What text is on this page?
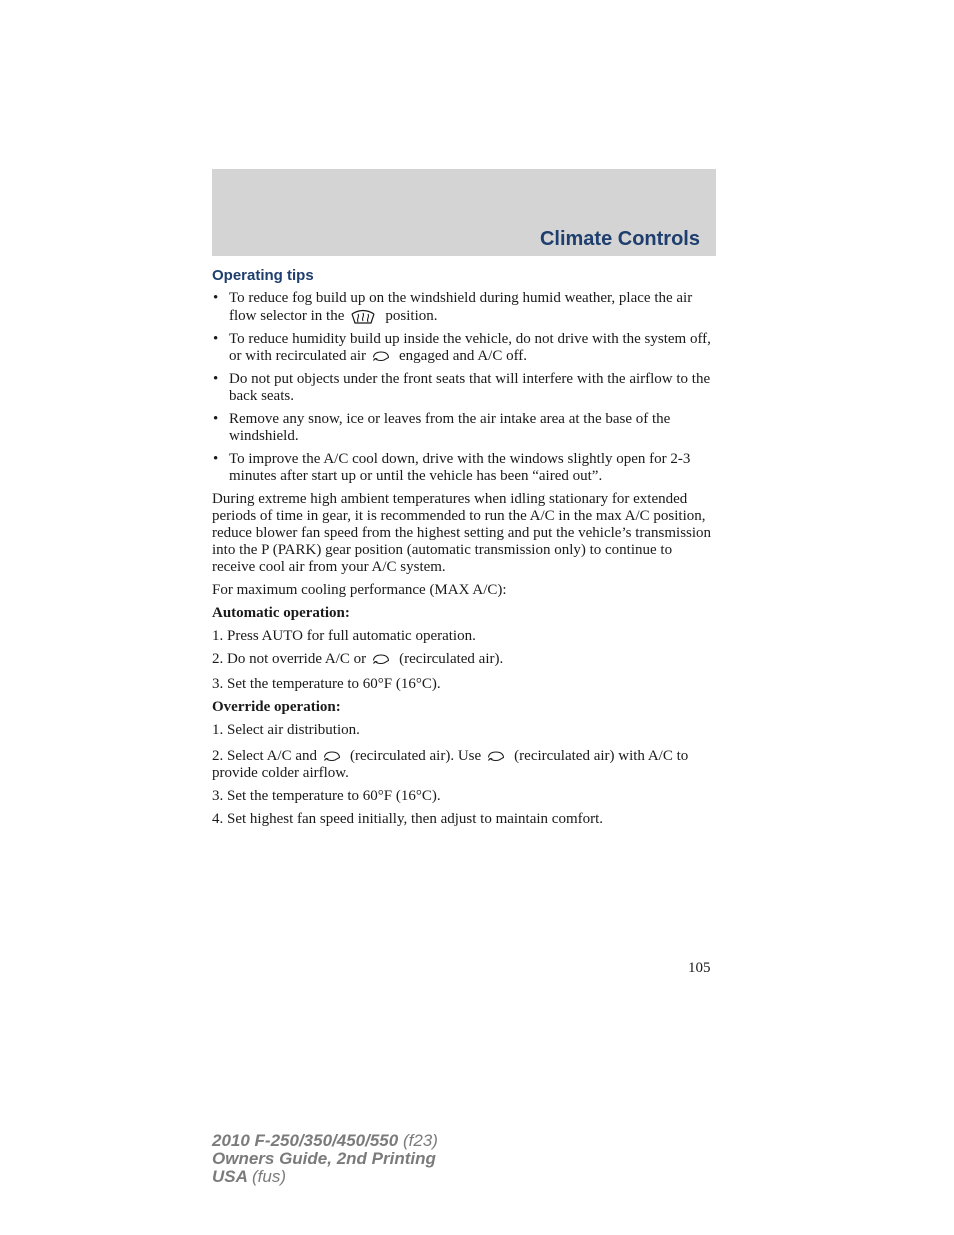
Climate Controls
Operating tips
• To reduce fog build up on the windshield during humid weather, place the air flow selector in the	position.
• To reduce humidity build up inside the vehicle, do not drive with the system off, or with recirculated air engaged and A/C off.
• Do not put objects under the front seats that will interfere with the airflow to the back seats.
• Remove any snow, ice or leaves from the air intake area at the base of the windshield.
• To improve the A/C cool down, drive with the windows slightly open for 2-3 minutes after start up or until the vehicle has been “aired out”.

During extreme high ambient temperatures when idling stationary for extended periods of time in gear, it is recommended to run the A/C in the max A/C position, reduce blower fan speed from the highest setting and put the vehicle’s transmission into the P (PARK) gear position (automatic transmission only) to continue to receive cool air from your A/C system.

For maximum cooling performance (MAX A/C):

Automatic operation:

1. Press AUTO for full automatic operation.

2. Do not override A/C or (recirculated air).

3. Set the temperature to 60°F (16°C).

Override operation:

1. Select air distribution.

2. Select A/C and (recirculated air). Use (recirculated air) with A/C to provide colder airflow.

3. Set the temperature to 60°F (16°C).

4. Set highest fan speed initially, then adjust to maintain comfort.

105

2010 F-250/350/450/550 (f23)
Owners Guide, 2nd Printing
USA (fus)
